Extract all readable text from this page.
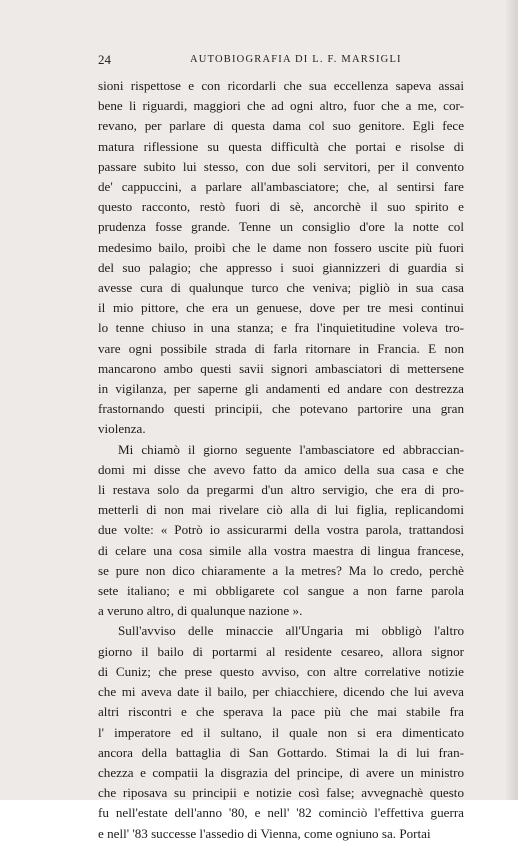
24	AUTOBIOGRAFIA DI L. F. MARSIGLI

sioni rispettose e con ricordarli che sua eccellenza sapeva assai
bene li riguardi, maggiori che ad ogni altro, fuor che a me, cor-
revano, per parlare di questa dama col suo genitore. Egli fece
matura riflessione su questa difficultà che portai e risolse di
passare subito lui stesso, con due soli servitori, per il convento
de' cappuccini, a parlare all'ambasciatore; che, al sentirsi fare
questo racconto, restò fuori di sè, ancorchè il suo spirito e
prudenza fosse grande. Tenne un consiglio d'ore la notte col
medesimo bailo, proibì che le dame non fossero uscite più fuori
del suo palagio; che appresso i suoi giannizzeri di guardia si
avesse cura di qualunque turco che veniva; pigliò in sua casa
il mio pittore, che era un genuese, dove per tre mesi continui
lo tenne chiuso in una stanza; e fra l'inquietitudine voleva tro-
vare ogni possibile strada di farla ritornare in Francia. E non
mancarono ambo questi savii signori ambasciatori di mettersene
in vigilanza, per saperne gli andamenti ed andare con destrezza
frastornando questi principii, che potevano partorire una gran
violenza.

Mi chiamò il giorno seguente l'ambasciatore ed abbraccian-
domi mi disse che avevo fatto da amico della sua casa e che
li restava solo da pregarmi d'un altro servigio, che era di pro-
metterli di non mai rivelare ciò alla di lui figlia, replicandomi
due volte: « Potrò io assicurarmi della vostra parola, trattandosi
di celare una cosa simile alla vostra maestra di lingua francese,
se pure non dico chiaramente a la metres? Ma lo credo, perchè
sete italiano; e mi obbligarete col sangue a non farne parola
a veruno altro, di qualunque nazione ».

Sull'avviso delle minaccie all'Ungaria mi obbligò l'altro
giorno il bailo di portarmi al residente cesareo, allora signor
di Cuniz; che prese questo avviso, con altre correlative notizie
che mi aveva date il bailo, per chiacchiere, dicendo che lui aveva
altri riscontri e che sperava la pace più che mai stabile fra
l' imperatore ed il sultano, il quale non si era dimenticato
ancora della battaglia di San Gottardo. Stimai la di lui fran-
chezza e compatii la disgrazia del principe, di avere un ministro
che riposava su principii e notizie così false; avvegnachè questo
fu nell'estate dell'anno '80, e nell' '82 cominciò l'effettiva guerra
e nell' '83 successe l'assedio di Vienna, come ogniuno sa. Portai
